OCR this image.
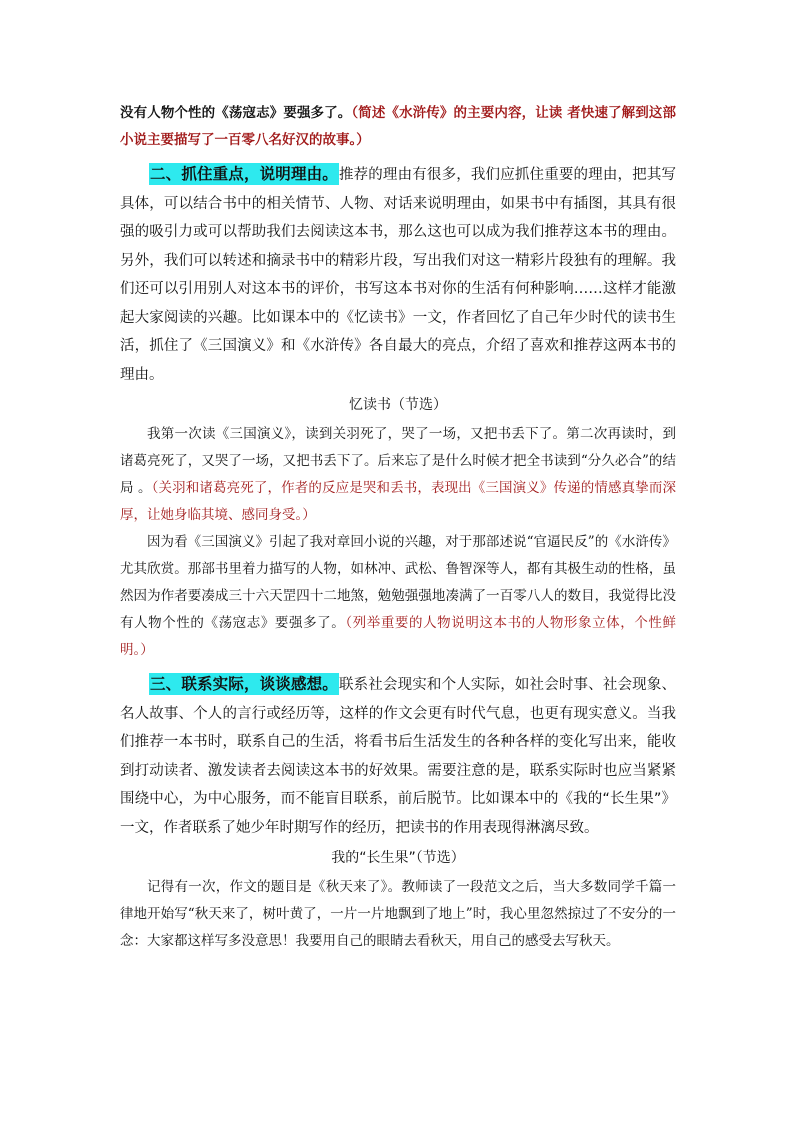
没有人物个性的《荡寇志》要强多了。（简述《水浒传》的主要内容，让读 者快速了解到这部小说主要描写了一百零八名好汉的故事。）

二、抓住重点，说明理由。推荐的理由有很多，我们应抓住重要的理由，把其写具体，可以结合书中的相关情节、人物、对话来说明理由，如果书中有插图，其具有很强的吸引力或可以帮助我们去阅读这本书，那么这也可以成为我们推荐这本书的理由。另外，我们可以转述和摘录书中的精彩片段，写出我们对这一精彩片段独有的理解。我们还可以引用别人对这本书的评价，书写这本书对你的生活有何种影响……这样才能激起大家阅读的兴趣。比如课本中的《忆读书》一文，作者回忆了自己年少时代的读书生活，抓住了《三国演义》和《水浒传》各自最大的亮点，介绍了喜欢和推荐这两本书的理由。

忆读书（节选）

我第一次读《三国演义》，读到关羽死了，哭了一场，又把书丢下了。第二次再读时，到诸葛亮死了，又哭了一场，又把书丢下了。后来忘了是什么时候才把全书读到“分久必合”的结局 。（关羽和诸葛亮死了，作者的反应是哭和丢书，表现出《三国演义》传递的情感真挚而深厚，让她身临其境、感同身受。）

因为看《三国演义》引起了我对章回小说的兴趣，对于那部述说“官逼民反”的《水浒传》尤其欣赏。那部书里着力描写的人物，如林冲、武松、鲁智深等人，都有其极生动的性格，虽然因为作者要凑成三十六天罡四十二地煞，勉勉强强地凑满了一百零八人的数目，我觉得比没有人物个性的《荡寇志》要强多了。（列举重要的人物说明这本书的人物形象立体，个性鲜明。）

三、联系实际，谈谈感想。联系社会现实和个人实际，如社会时事、社会现象、名人故事、个人的言行或经历等，这样的作文会更有时代气息，也更有现实意义。当我们推荐一本书时，联系自己的生活，将看书后生活发生的各种各样的变化写出来，能收到打动读者、激发读者去阅读这本书的好效果。需要注意的是，联系实际时也应当紧紧围绕中心，为中心服务，而不能盲目联系，前后脱节。比如课本中的《我的“长生果”》一文，作者联系了她少年时期写作的经历，把读书的作用表现得淋漓尽致。

我的“长生果”（节选）

记得有一次，作文的题目是《秋天来了》。教师读了一段范文之后，当大多数同学千篇一律地开始写“秋天来了，树叶黄了，一片一片地飘到了地上”时，我心里忽然掠过了不安分的一念：大家都这样写多没意思！我要用自己的眼睛去看秋天，用自己的感受去写秋天。
